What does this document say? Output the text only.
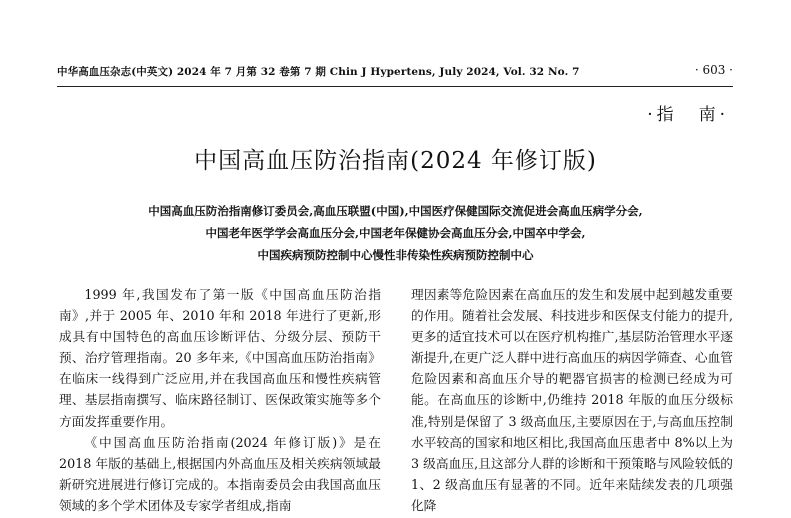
中华高血压杂志(中英文) 2024 年 7 月第 32 卷第 7 期 Chin J Hypertens, July 2024, Vol. 32 No. 7	· 603 ·
·指　南·
中国高血压防治指南(2024 年修订版)
中国高血压防治指南修订委员会,高血压联盟(中国),中国医疗保健国际交流促进会高血压病学分会,
中国老年医学学会高血压分会,中国老年保健协会高血压分会,中国卒中学会,
中国疾病预防控制中心慢性非传染性疾病预防控制中心

1999 年,我国发布了第一版《中国高血压防治指南》,并于 2005 年、2010 年和 2018 年进行了更新,形成具有中国特色的高血压诊断评估、分级分层、预防干预、治疗管理指南。20 多年来,《中国高血压防治指南》在临床一线得到广泛应用,并在我国高血压和慢性疾病管理、基层指南撰写、临床路径制订、医保政策实施等多个方面发挥重要作用。

《中国高血压防治指南(2024 年修订版)》是在 2018 年版的基础上,根据国内外高血压及相关疾病领域最新研究进展进行修订完成的。本指南委员会由我国高血压领域的多个学术团体及专家学者组成,指南

理因素等危险因素在高血压的发生和发展中起到越发重要的作用。随着社会发展、科技进步和医保支付能力的提升,更多的适宜技术可以在医疗机构推广,基层防治管理水平逐渐提升,在更广泛人群中进行高血压的病因学筛查、心血管危险因素和高血压介导的靶器官损害的检测已经成为可能。在高血压的诊断中,仍维持 2018 年版的血压分级标准,特别是保留了 3 级高血压,主要原因在于,与高血压控制水平较高的国家和地区相比,我国高血压患者中 8%以上为 3 级高血压,且这部分人群的诊断和干预策略与风险较低的 1、2 级高血压有显著的不同。近年来陆续发表的几项强化降
